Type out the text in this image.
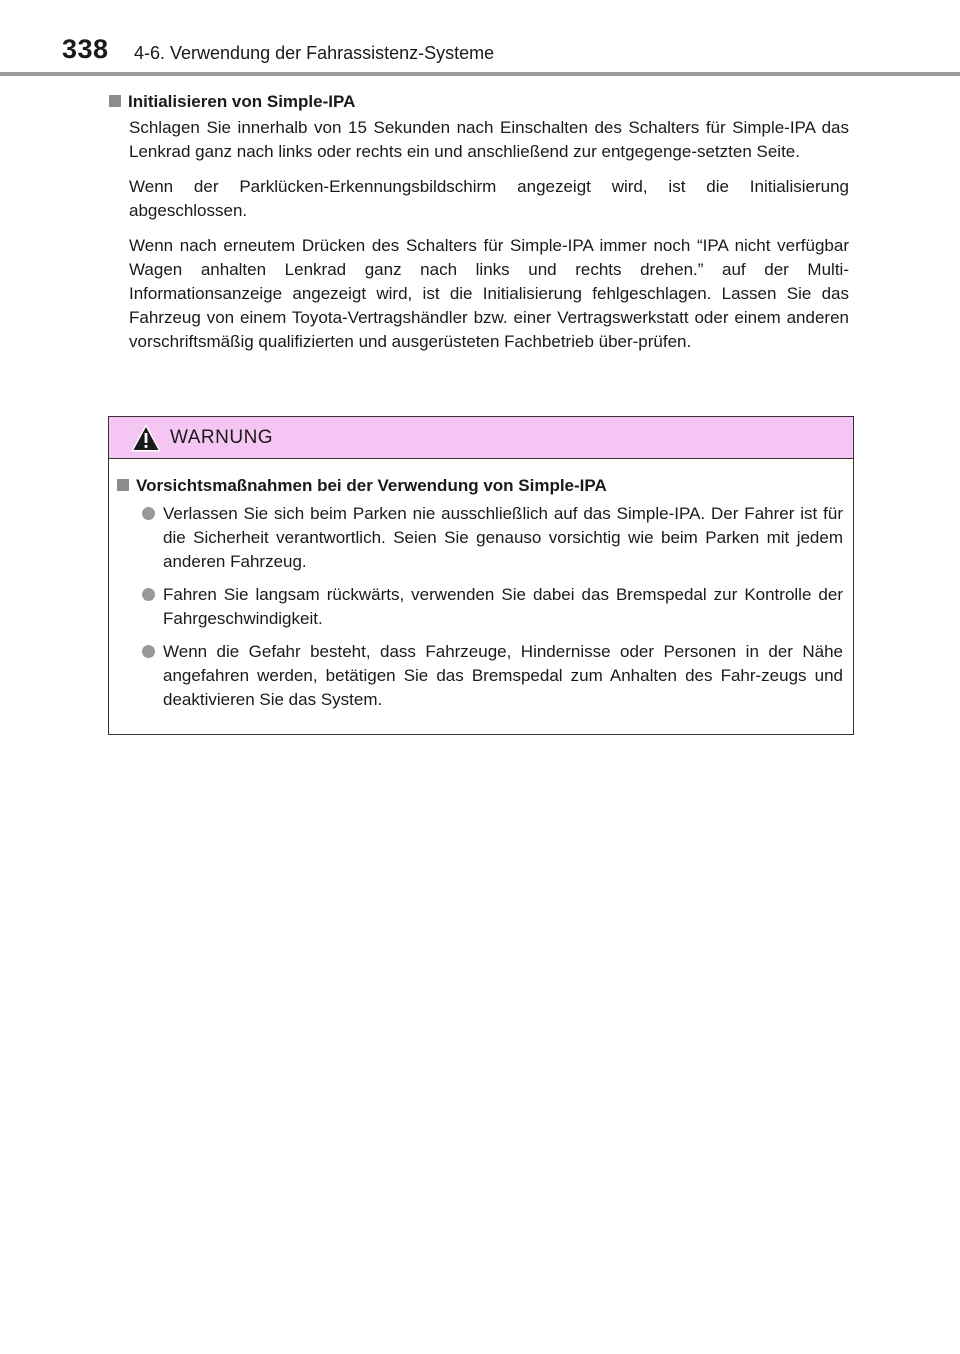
338 4-6. Verwendung der Fahrassistenz-Systeme
Initialisieren von Simple-IPA

Schlagen Sie innerhalb von 15 Sekunden nach Einschalten des Schalters für Simple-IPA das Lenkrad ganz nach links oder rechts ein und anschließend zur entgegenge-setzten Seite.

Wenn der Parklücken-Erkennungsbildschirm angezeigt wird, ist die Initialisierung abgeschlossen.

Wenn nach erneutem Drücken des Schalters für Simple-IPA immer noch “IPA nicht verfügbar Wagen anhalten Lenkrad ganz nach links und rechts drehen.” auf der Multi-Informationsanzeige angezeigt wird, ist die Initialisierung fehlgeschlagen. Lassen Sie das Fahrzeug von einem Toyota-Vertragshändler bzw. einer Vertragswerkstatt oder einem anderen vorschriftsmäßig qualifizierten und ausgerüsteten Fachbetrieb über-prüfen.

WARNUNG
Vorsichtsmaßnahmen bei der Verwendung von Simple-IPA
Verlassen Sie sich beim Parken nie ausschließlich auf das Simple-IPA. Der Fahrer ist für die Sicherheit verantwortlich. Seien Sie genauso vorsichtig wie beim Parken mit jedem anderen Fahrzeug.
Fahren Sie langsam rückwärts, verwenden Sie dabei das Bremspedal zur Kontrolle der Fahrgeschwindigkeit.
Wenn die Gefahr besteht, dass Fahrzeuge, Hindernisse oder Personen in der Nähe angefahren werden, betätigen Sie das Bremspedal zum Anhalten des Fahr-zeugs und deaktivieren Sie das System.
